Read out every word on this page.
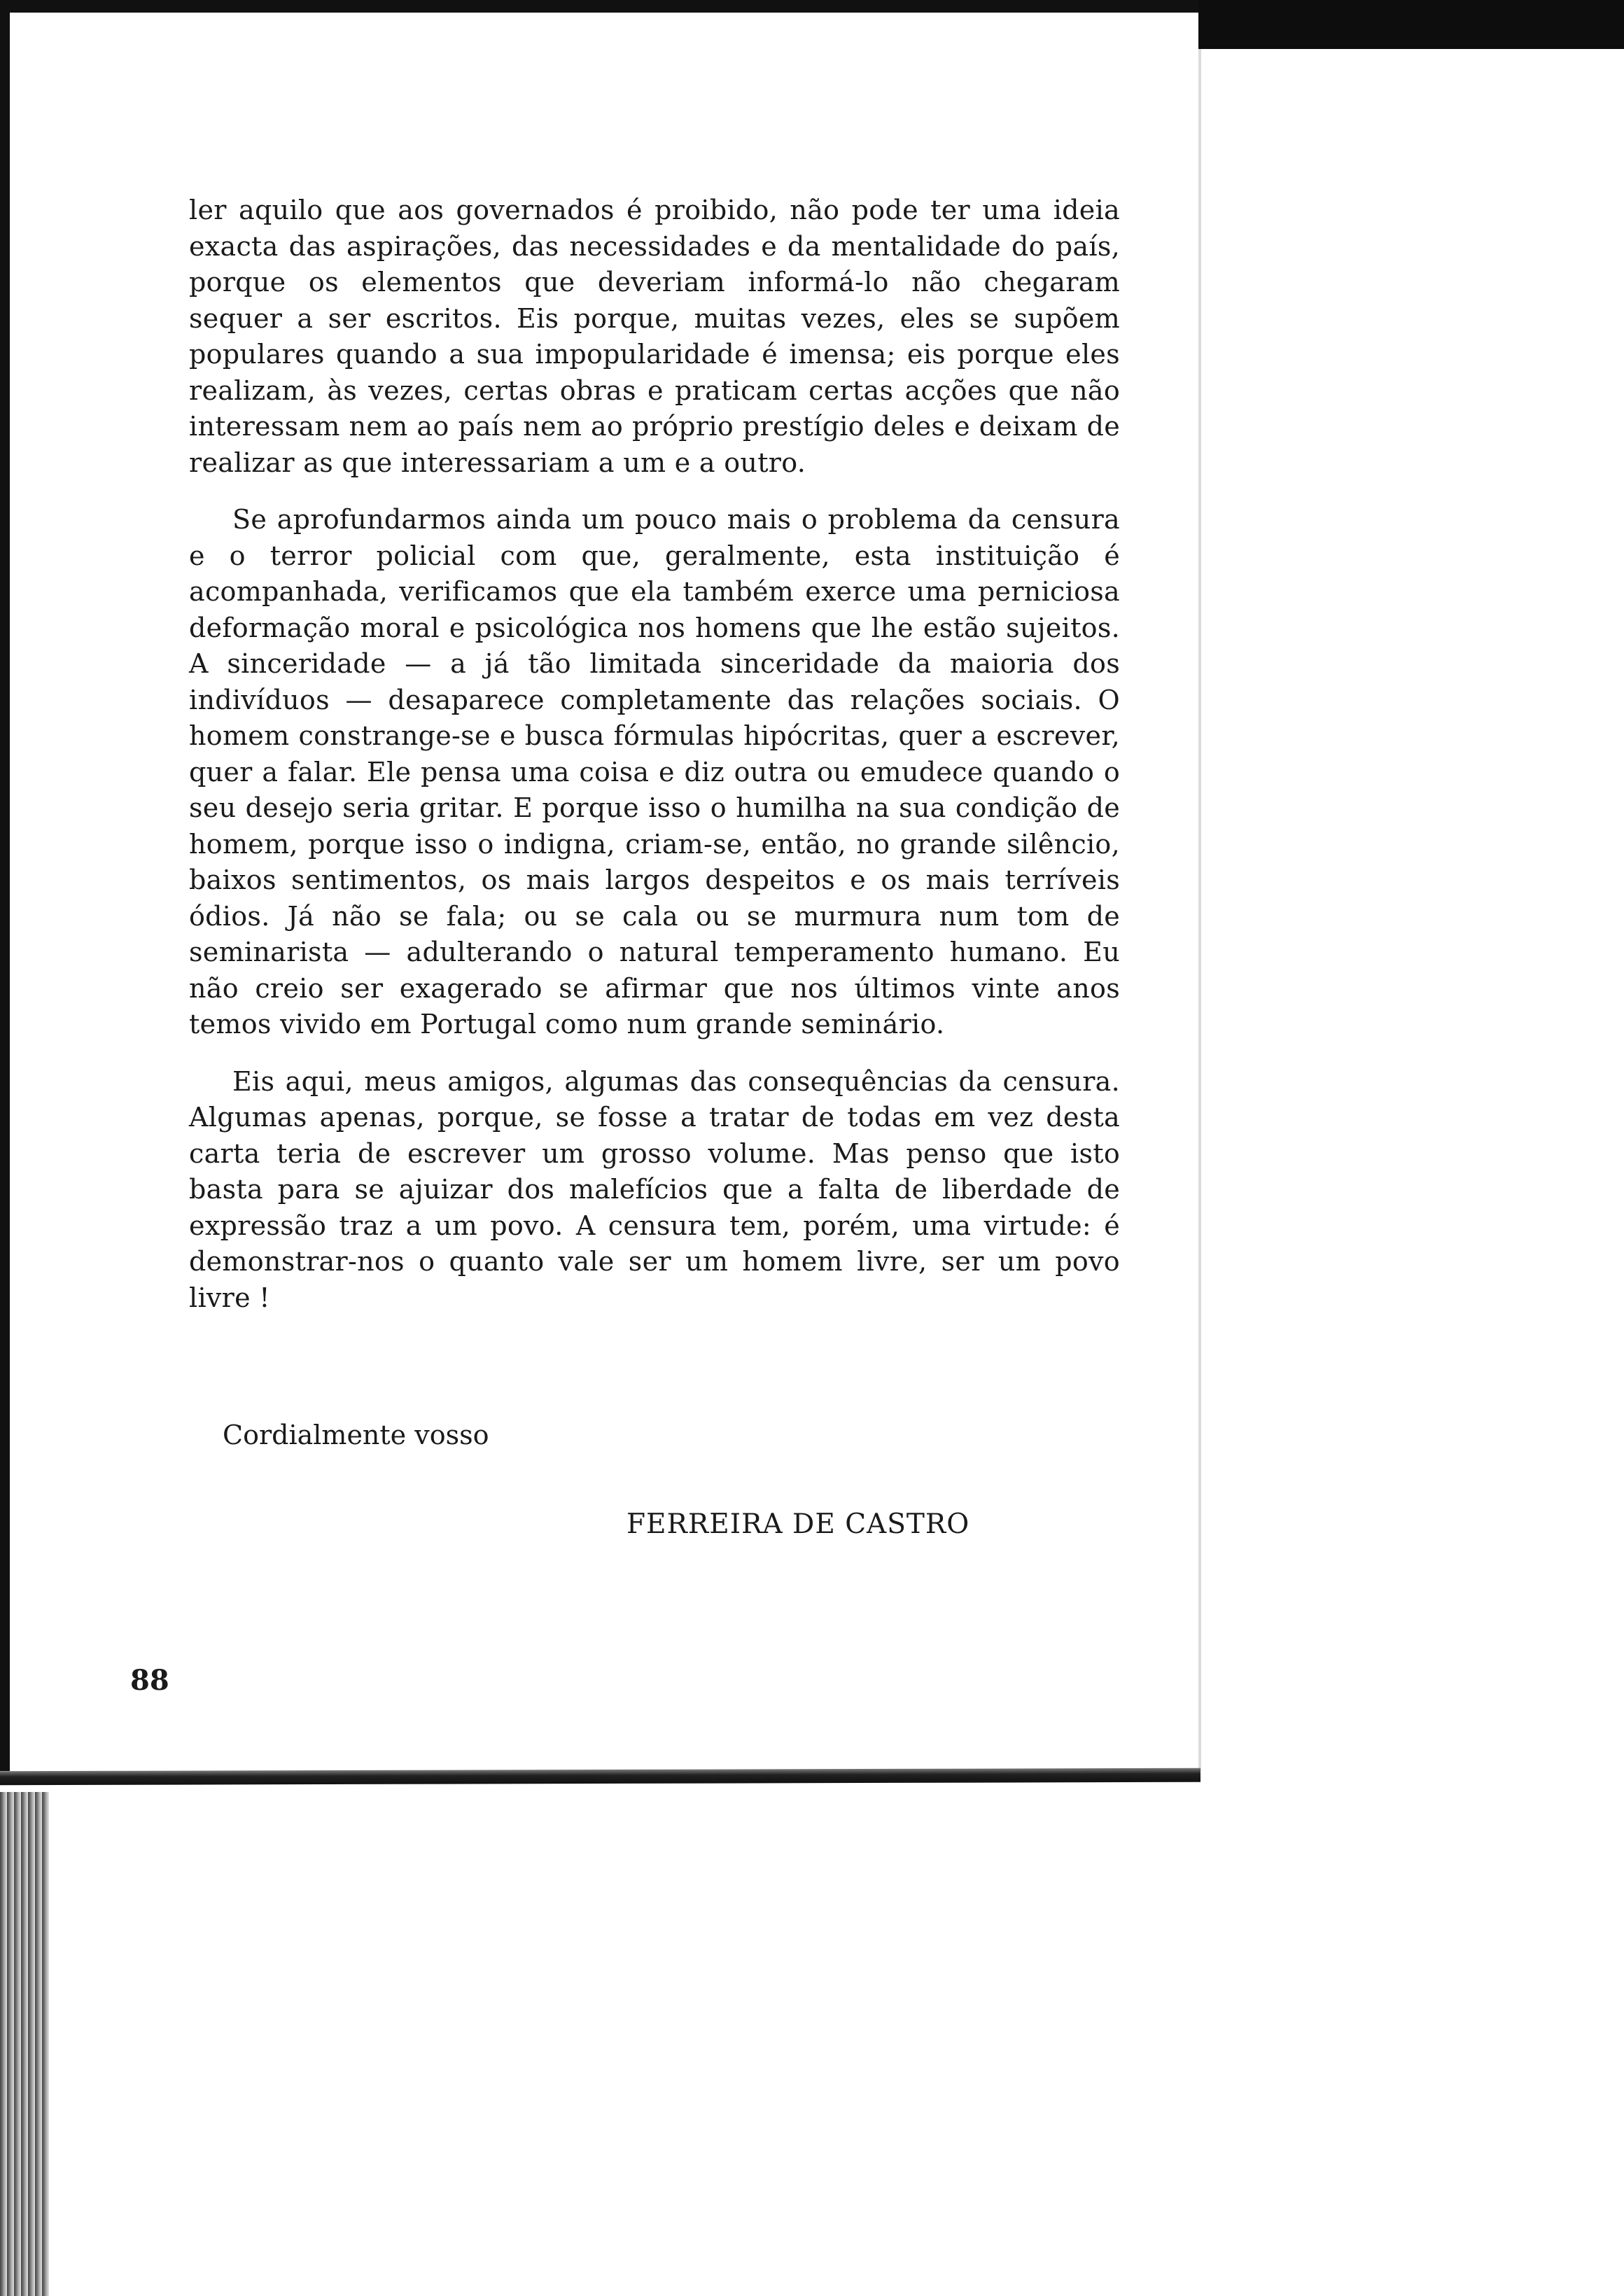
ler aquilo que aos governados é proibido, não pode ter uma ideia exacta das aspirações, das necessidades e da mentalidade do país, porque os elementos que deveriam informá-lo não chegaram sequer a ser escritos. Eis porque, muitas vezes, eles se supõem populares quando a sua impopularidade é imensa; eis porque eles realizam, às vezes, certas obras e praticam certas acções que não interessam nem ao país nem ao próprio prestígio deles e deixam de realizar as que interessariam a um e a outro.

Se aprofundarmos ainda um pouco mais o problema da censura e o terror policial com que, geralmente, esta instituição é acompanhada, verificamos que ela também exerce uma perniciosa deformação moral e psicológica nos homens que lhe estão sujeitos. A sinceridade — a já tão limitada sinceridade da maioria dos indivíduos — desaparece completamente das relações sociais. O homem constrange-se e busca fórmulas hipócritas, quer a escrever, quer a falar. Ele pensa uma coisa e diz outra ou emudece quando o seu desejo seria gritar. E porque isso o humilha na sua condição de homem, porque isso o indigna, criam-se, então, no grande silêncio, baixos sentimentos, os mais largos despeitos e os mais terríveis ódios. Já não se fala; ou se cala ou se murmura num tom de seminarista — adulterando o natural temperamento humano. Eu não creio ser exagerado se afirmar que nos últimos vinte anos temos vivido em Portugal como num grande seminário.

Eis aqui, meus amigos, algumas das consequências da censura. Algumas apenas, porque, se fosse a tratar de todas em vez desta carta teria de escrever um grosso volume. Mas penso que isto basta para se ajuizar dos malefícios que a falta de liberdade de expressão traz a um povo. A censura tem, porém, uma virtude: é demonstrar-nos o quanto vale ser um homem livre, ser um povo livre !

Cordialmente vosso
FERREIRA DE CASTRO
88
